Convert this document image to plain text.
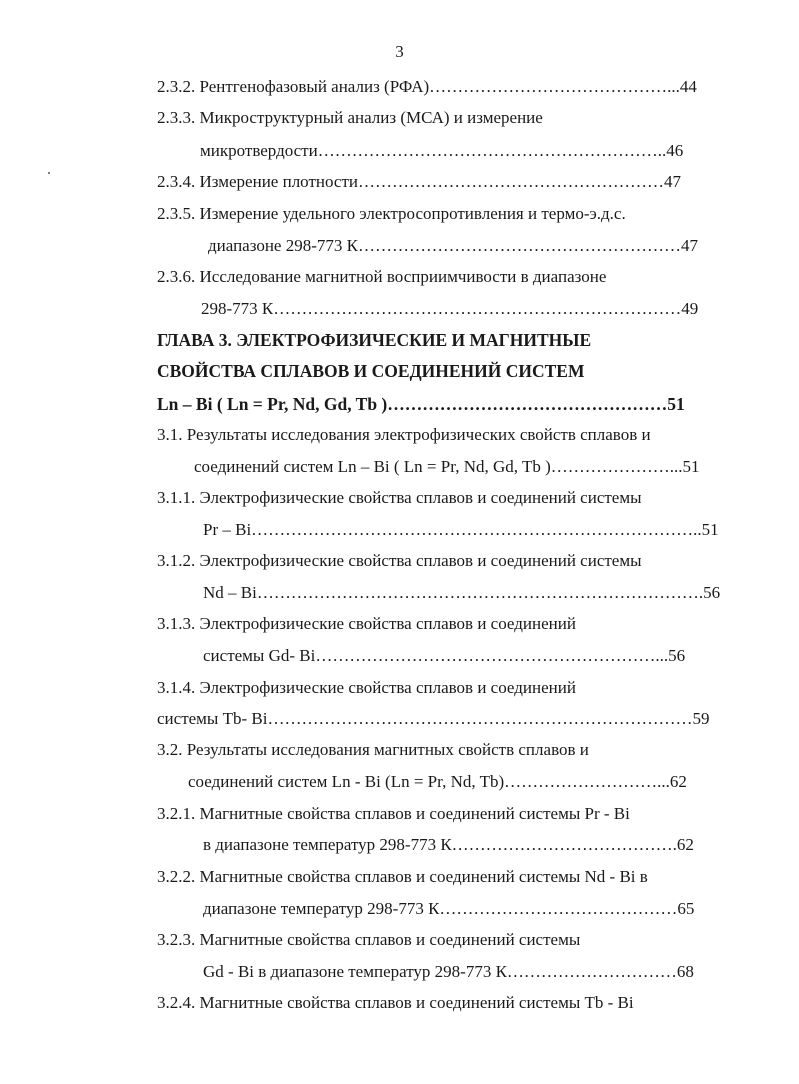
3
2.3.2. Рентгенофазовый анализ (РФА)……………………………………...44
2.3.3. Микроструктурный анализ (МСА) и измерение
микротвердости……………………………………………………..46
2.3.4. Измерение плотности………………………………………………47
2.3.5. Измерение удельного электросопротивления и термо-э.д.с.
диапазоне 298-773 К…………………………………………………47
2.3.6. Исследование магнитной восприимчивости в диапазоне
298-773 К………………………………………………………………49
ГЛАВА 3. ЭЛЕКТРОФИЗИЧЕСКИЕ И МАГНИТНЫЕ
СВОЙСТВА СПЛАВОВ И СОЕДИНЕНИЙ СИСТЕМ
Ln – Bi ( Ln = Pr, Nd, Gd, Tb )…………………………………………51
3.1. Результаты исследования электрофизических свойств сплавов и
соединений систем Ln – Bi ( Ln = Pr, Nd, Gd, Tb )…………………...51
3.1.1. Электрофизические свойства сплавов и соединений системы
Pr – Bi……………………………………………………………………..51
3.1.2. Электрофизические свойства сплавов и соединений системы
Nd – Bi…………………………………………………………………….56
3.1.3. Электрофизические свойства сплавов и соединений
системы Gd- Bi……………………………………………………...56
3.1.4. Электрофизические свойства сплавов и соединений
системы Tb- Bi…………………………………………………………………59
3.2. Результаты исследования магнитных свойств сплавов и
соединений систем Ln - Bi (Ln = Pr, Nd, Tb)………………………...62
3.2.1. Магнитные свойства сплавов и соединений системы Pr - Bi
в диапазоне температур 298-773 К………………………………….62
3.2.2. Магнитные свойства сплавов и соединений системы Nd - Bi в
диапазоне температур 298-773 К……………………………………65
3.2.3. Магнитные свойства сплавов и соединений системы
Gd - Bi в диапазоне температур 298-773 К…………………………68
3.2.4. Магнитные свойства сплавов и соединений системы Tb - Bi
